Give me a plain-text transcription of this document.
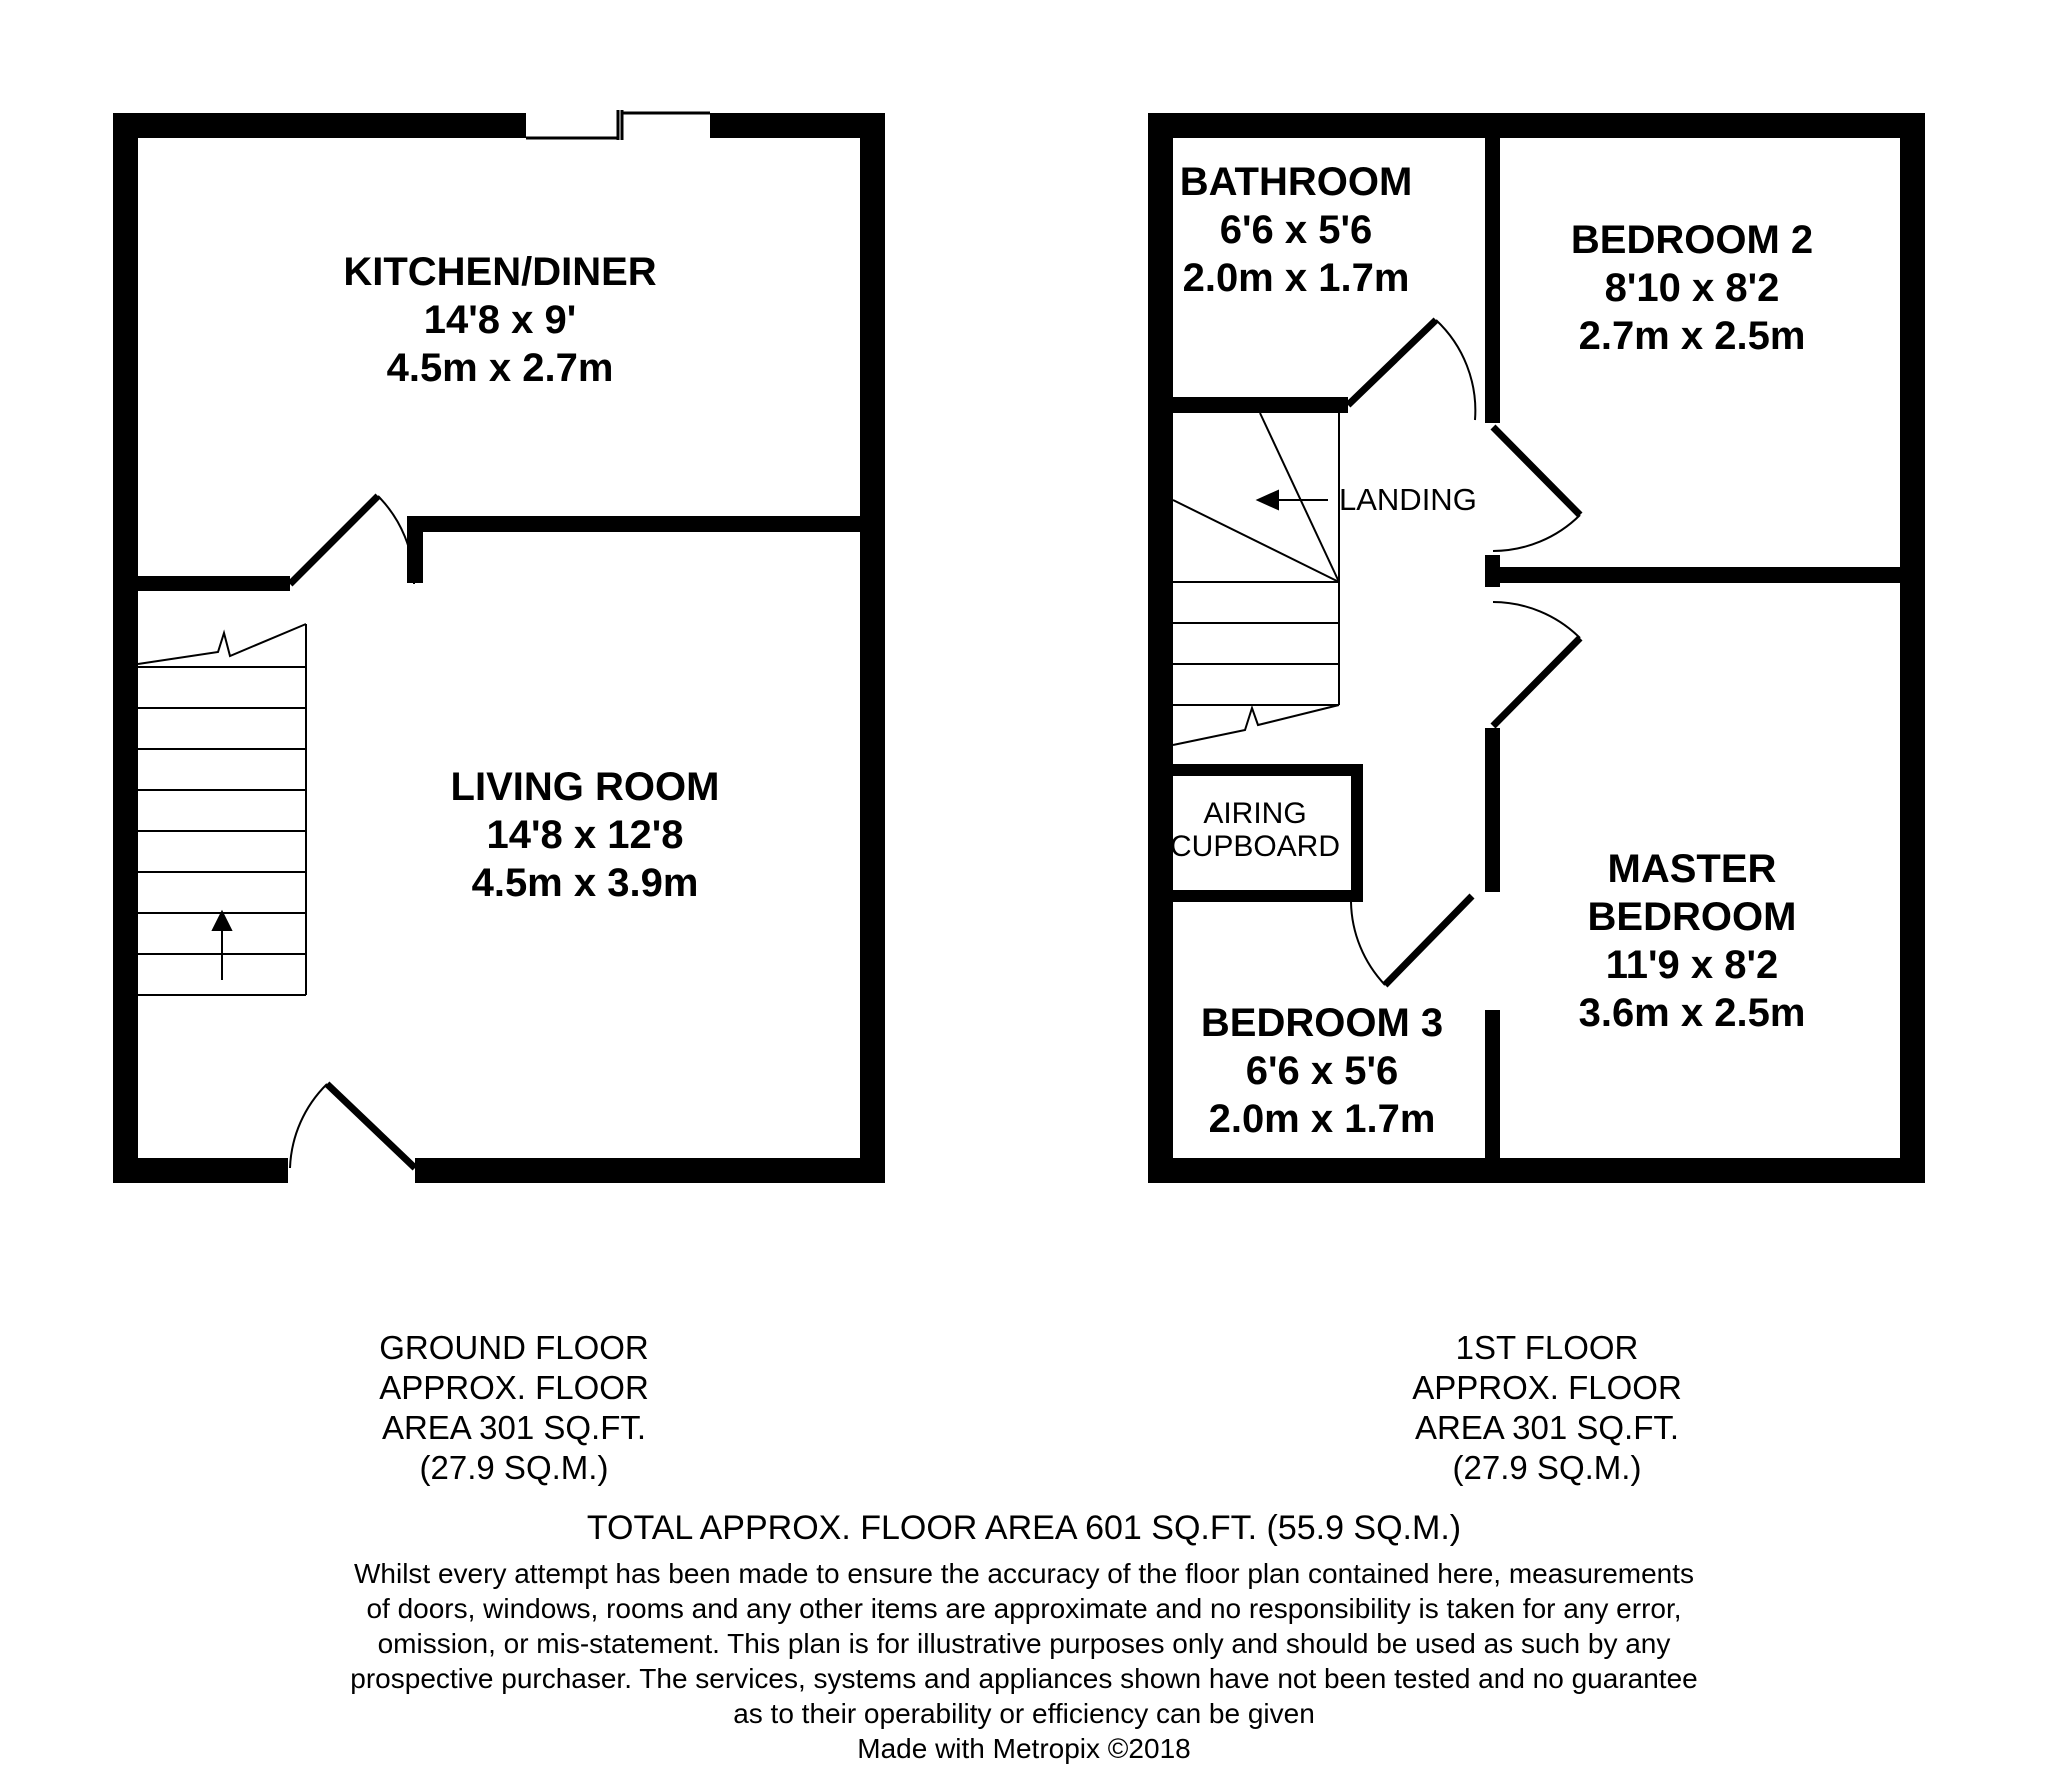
KITCHEN/DINER
14'8 x 9'
4.5m x 2.7m
LIVING ROOM
14'8 x 12'8
4.5m x 3.9m
BATHROOM
6'6 x 5'6
2.0m x 1.7m
BEDROOM 2
8'10 x 8'2
2.7m x 2.5m
MASTER
BEDROOM
11'9 x 8'2
3.6m x 2.5m
BEDROOM 3
6'6 x 5'6
2.0m x 1.7m
LANDING
AIRING
CUPBOARD
GROUND FLOOR
APPROX. FLOOR
AREA 301 SQ.FT.
(27.9 SQ.M.)
1ST FLOOR
APPROX. FLOOR
AREA 301 SQ.FT.
(27.9 SQ.M.)
TOTAL APPROX. FLOOR AREA 601 SQ.FT. (55.9 SQ.M.)
Whilst every attempt has been made to ensure the accuracy of the floor plan contained here, measurements
of doors, windows, rooms and any other items are approximate and no responsibility is taken for any error,
omission, or mis-statement. This plan is for illustrative purposes only and should be used as such by any
prospective purchaser. The services, systems and appliances shown have not been tested and no guarantee
as to their operability or efficiency can be given
Made with Metropix ©2018
